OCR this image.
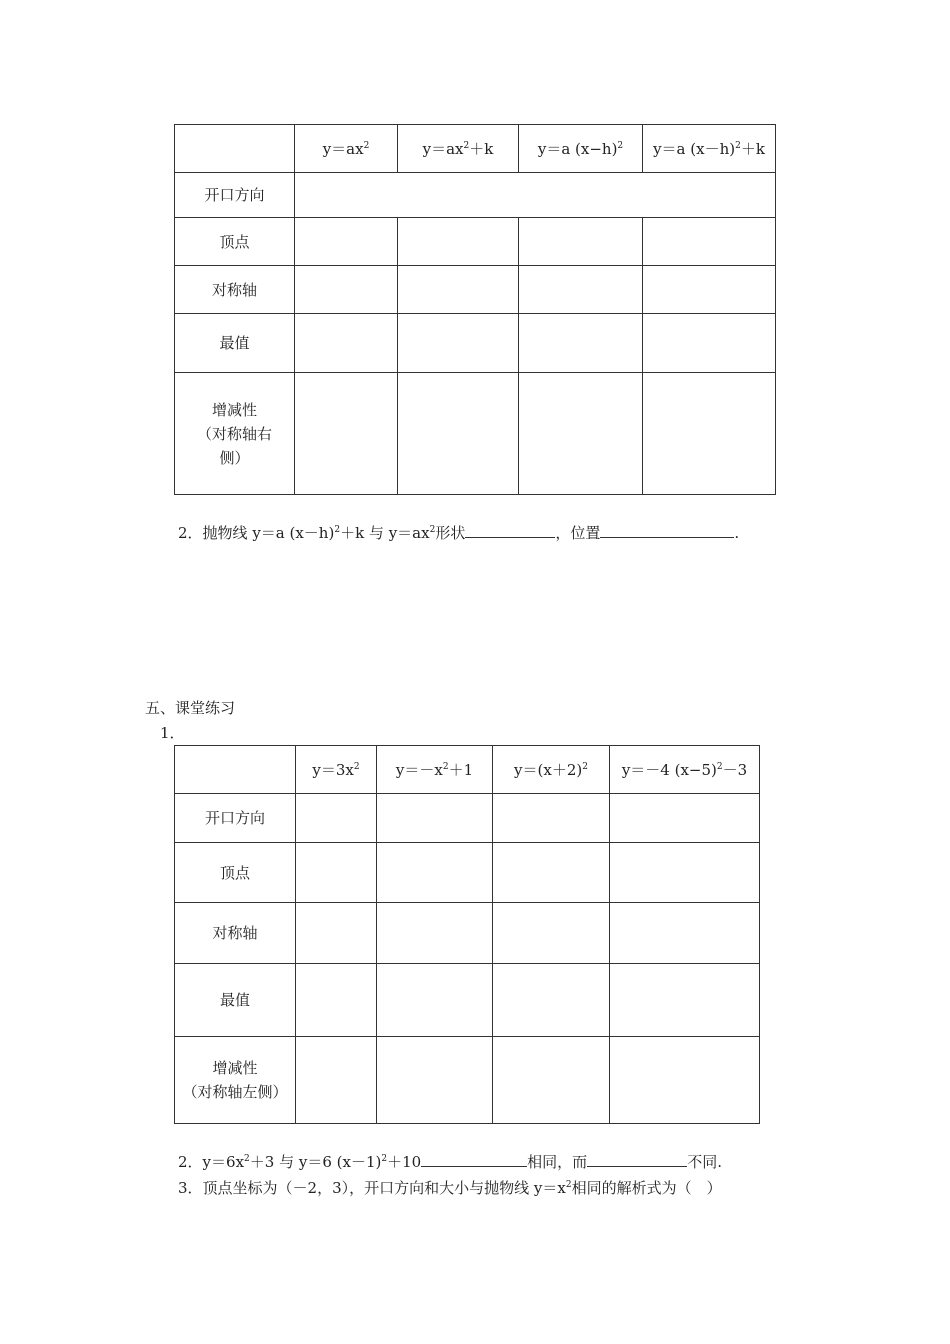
	$y=ax^2$	$y=ax^2+k$	y＝a $(x-h)^2$	y＝a $(x-h)^2+k$
开口方向				
顶点				
对称轴				
最值				

增减性
（对称轴右
侧）				

2．抛物线 y＝a $(x-h)^2+k$ 与 $y=ax^2$形状	，位置	.
五、课堂练习
1．
	$y=3x^2$	$y=-x^2+1$	$y=(x+2)^2$	y＝－4 $(x-5)^2-3$
开口方向				
顶点				
对称轴				
最值				

增减性
（对称轴左侧）				

2．$y=6x^2+3$ 与 y＝6 $(x-1)^2+10$	相同，而	不同.
3．顶点坐标为（－2，3），开口方向和大小与抛物线 $y=x^2$相同的解析式为（　）
